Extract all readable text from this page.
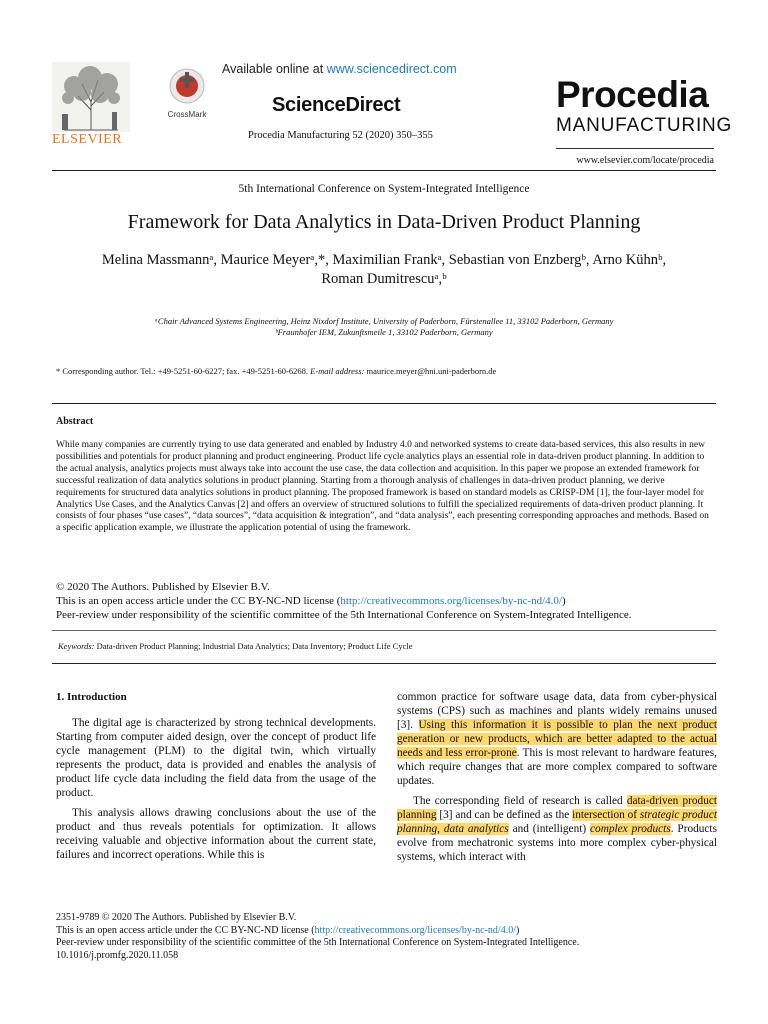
ELSEVIER
CrossMark
Available online at www.sciencedirect.com
ScienceDirect
Procedia Manufacturing 52 (2020) 350–355
Procedia
MANUFACTURING
www.elsevier.com/locate/procedia
5th International Conference on System-Integrated Intelligence
Framework for Data Analytics in Data-Driven Product Planning
Melina Massmannᵃ, Maurice Meyerᵃ,*, Maximilian Frankᵃ, Sebastian von Enzbergᵇ, Arno Kühnᵇ,
Roman Dumitrescuᵃ,ᵇ
ᵃChair Advanced Systems Engineering, Heinz Nixdorf Institute, University of Paderborn, Fürstenallee 11, 33102 Paderborn, Germany
ᵇFraunhofer IEM, Zukunftsmeile 1, 33102 Paderborn, Germany
* Corresponding author. Tel.: +49-5251-60-6227; fax. +49-5251-60-6268. E-mail address: maurice.meyer@hni.uni-paderborn.de
Abstract
While many companies are currently trying to use data generated and enabled by Industry 4.0 and networked systems to create data-based services, this also results in new possibilities and potentials for product planning and product engineering. Product life cycle analytics plays an essential role in data-driven product planning. In addition to the actual analysis, analytics projects must always take into account the use case, the data collection and acquisition. In this paper we propose an extended framework for successful realization of data analytics solutions in product planning. Starting from a thorough analysis of challenges in data-driven product planning, we derive requirements for structured data analytics solutions in product planning. The proposed framework is based on standard models as CRISP-DM [1], the four-layer model for Analytics Use Cases, and the Analytics Canvas [2] and offers an overview of structured solutions to fulfill the specialized requirements of data-driven product planning. It consists of four phases “use cases”, “data sources”, “data acquisition & integration”, and “data analysis”, each presenting corresponding approaches and methods. Based on a specific application example, we illustrate the application potential of using the framework.
© 2020 The Authors. Published by Elsevier B.V.
This is an open access article under the CC BY-NC-ND license (http://creativecommons.org/licenses/by-nc-nd/4.0/)
Peer-review under responsibility of the scientific committee of the 5th International Conference on System-Integrated Intelligence.
Keywords: Data-driven Product Planning; Industrial Data Analytics; Data Inventory; Product Life Cycle
1. Introduction

The digital age is characterized by strong technical developments. Starting from computer aided design, over the concept of product life cycle management (PLM) to the digital twin, which virtually represents the product, data is provided and enables the analysis of product life cycle data including the field data from the usage of the product.

This analysis allows drawing conclusions about the use of the product and thus reveals potentials for optimization. It allows receiving valuable and objective information about the current state, failures and incorrect operations. While this is

common practice for software usage data, data from cyber-physical systems (CPS) such as machines and plants widely remains unused [3]. Using this information it is possible to plan the next product generation or new products, which are better adapted to the actual needs and less error-prone. This is most relevant to hardware features, which require changes that are more complex compared to software updates.

The corresponding field of research is called data-driven product planning [3] and can be defined as the intersection of strategic product planning, data analytics and (intelligent) complex products. Products evolve from mechatronic systems into more complex cyber-physical systems, which interact with

2351-9789 © 2020 The Authors. Published by Elsevier B.V.
This is an open access article under the CC BY-NC-ND license (http://creativecommons.org/licenses/by-nc-nd/4.0/)
Peer-review under responsibility of the scientific committee of the 5th International Conference on System-Integrated Intelligence.
10.1016/j.promfg.2020.11.058
